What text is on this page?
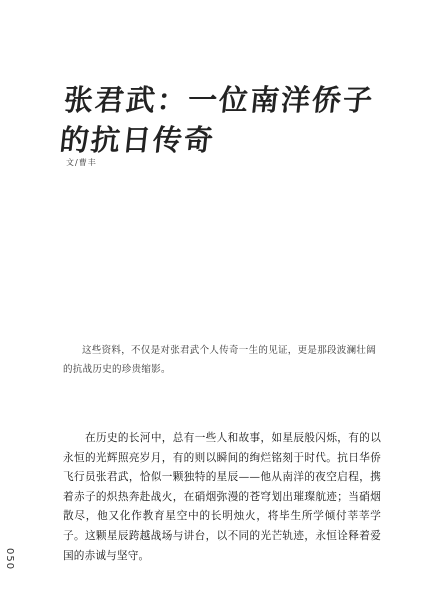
张君武：一位南洋侨子的抗日传奇
文/曹丰
这些资料，不仅是对张君武个人传奇一生的见证，更是那段波澜壮阔的抗战历史的珍贵缩影。
在历史的长河中，总有一些人和故事，如星辰般闪烁，有的以永恒的光辉照亮岁月，有的则以瞬间的绚烂铭刻于时代。抗日华侨飞行员张君武，恰似一颗独特的星辰——他从南洋的夜空启程，携着赤子的炽热奔赴战火，在硝烟弥漫的苍穹划出璀璨航迹；当硝烟散尽，他又化作教育星空中的长明烛火，将毕生所学倾付莘莘学子。这颗星辰跨越战场与讲台，以不同的光芒轨迹，永恒诠释着爱国的赤诚与坚守。
050
